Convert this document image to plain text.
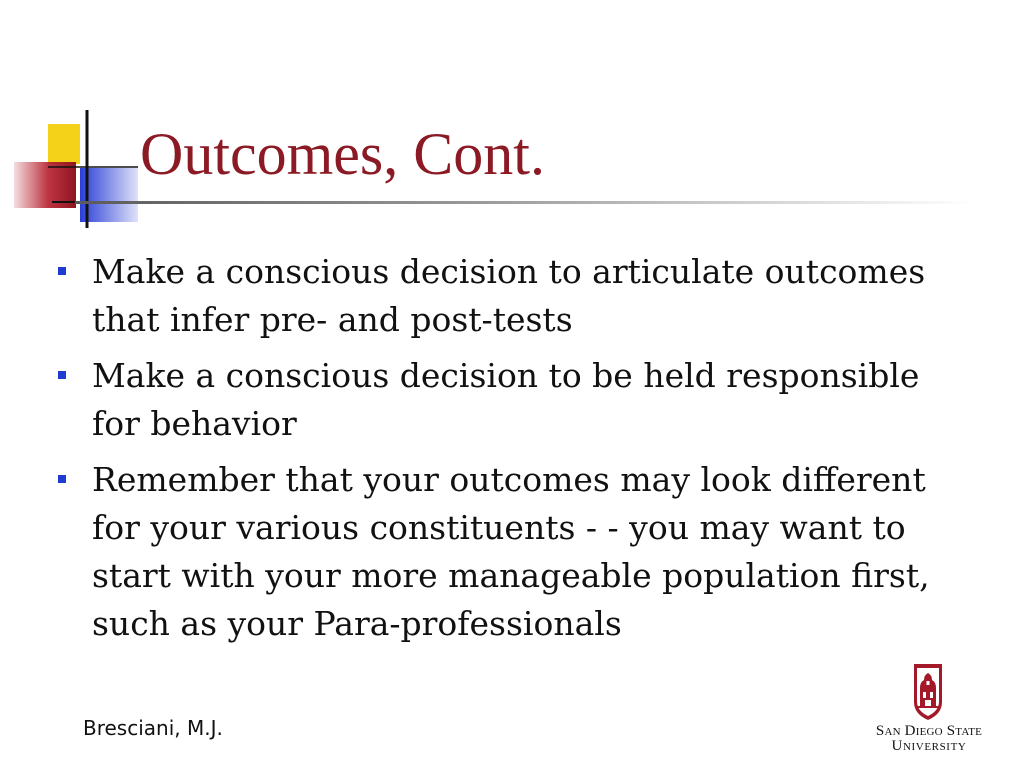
Outcomes, Cont.
Make a conscious decision to articulate outcomes that infer pre- and post-tests
Make a conscious decision to be held responsible for behavior
Remember that your outcomes may look different for your various constituents - - you may want to start with your more manageable population first, such as your Para-professionals
Bresciani, M.J.	San Diego State
University
